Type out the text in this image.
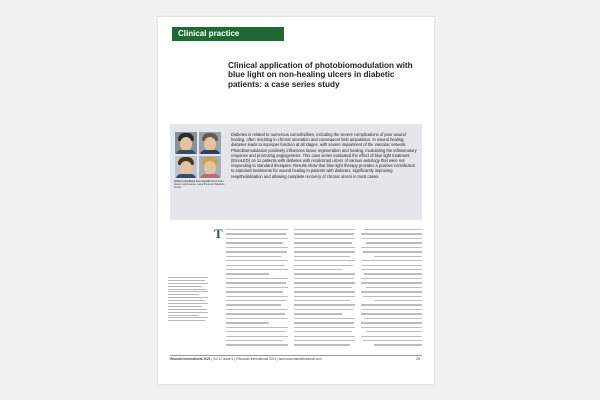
Clinical practice
Clinical application of photobiomodulation with blue light on non-healing ulcers in diabetic patients: a case series study
Authors (clockwise from top left): Maria Stella Aliquò, Luigi Fassone, Laura Prieto and Salvatore Corrao

Diabetes is related to numerous comorbidities, including the severe complications of poor wound healing, often resulting in chronic ulceration and consequent limb amputation. In wound healing, diabetes leads to improper function at all stages, with severe impairment of the vascular network. Photobiomodulation positively influences tissue regeneration and healing, modulating the inflammatory response and promoting angiogenesis. This case series evaluated the effect of blue light treatment (EmoLED) on 11 patients with diabetes with recalcitrant ulcers of various aetiology that were not responding to standard therapies. Results show that blue light therapy provides a positive contribution to standard treatments for wound healing in patients with diabetes, significantly improving reepithelialisation and allowing complete recovery of chronic ulcers in most cases.

T
Wounds International 2021 | Vol 12 Issue 4 | ©Wounds International 2021 | www.woundsinternational.com	25
